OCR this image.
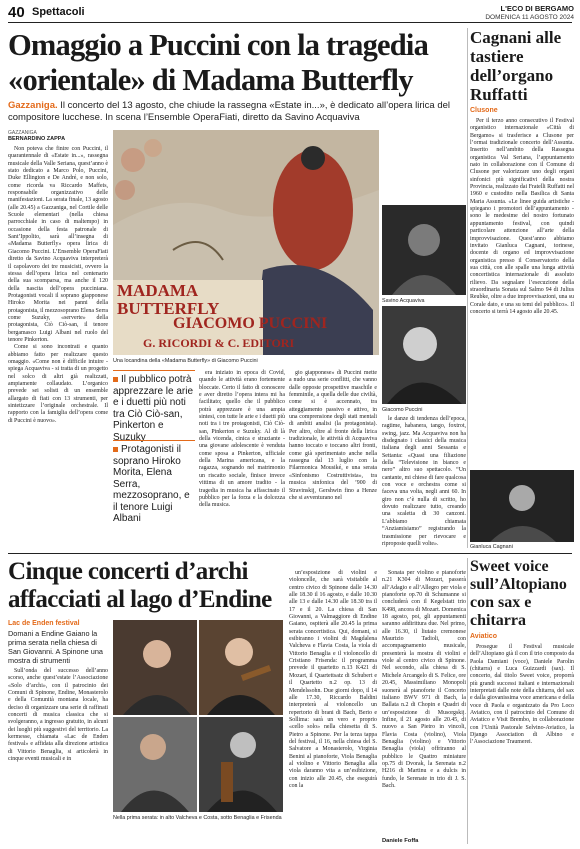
40 Spettacoli	L'ECO DI BERGAMO
DOMENICA 11 AGOSTO 2024
Omaggio a Puccini con la tragedia
«orientale» di Madama Butterfly
Gazzaniga. Il concerto del 13 agosto, che chiude la rassegna «Estate in...», è dedicato all’opera lirica del compositore lucchese. In scena l’Ensemble OperaFiati, diretto da Savino Acquaviva
Cagnani alle tastiere dell’organo Ruffatti
Clusone

Per il terzo anno consecutivo il Festival organistico internazionale «Città di Bergamo» si trasferisce a Clusone per l’ormai tradizionale concerto dell’Assunta. Inserito nell’ambito della Rassegna organistica Val Seriana, l’appuntamento nato in collaborazione con il Comune di Clusone per valorizzare uno degli organi sinfonici più significativi della nostra Provincia, realizzato dai Fratelli Ruffatti nel 1960 e custodito nella Basilica di Santa Maria Assunta. «Le linee guida artistiche - spiegano i promotori dell’appuntamento - sono le medesime del nostro fortunato appuntamento festival, con quindi particolare attenzione all’arte della improvvisazione. Quest’anno abbiamo invitato Gianluca Cagnani, torinese, docente di organo ed improvvisazione organistica presso il Conservatorio della sua città, con alle spalle una lunga attività concertistica internazionale di assoluto rilievo. Da segnalare l’esecuzione della straordinaria Sonata sul Salmo 94 di Julius Reubke, oltre a due improvvisazioni, una su Corale dato, e una su temi del pubblico». Il concerto si terrà 14 agosto alle 20.45.

GAZZANIGA
BERNARDINO ZAPPA

Non poteva che finire con Puccini, il quarantennale di «Estate in...», rassegna musicale della Valle Seriana, quest’anno è stato dedicato a Marco Polo, Puccini, Duke Ellington e De André, e non solo, come ricorda va Riccardo Maffeis, responsabile organizzativo delle manifestazioni. La serata finale, 13 agosto (alle 20.45) a Gazzaniga, nel Cortile delle Scuole elementari (nella chiesa parrocchiale in caso di maltempo) in occasione della festa patronale di Sant’Ippolito, sarà all’insegna di «Madama Butterfly» opera lirica di Giacomo Puccini. L’Ensemble OperaFiati diretto da Savino Acquaviva interpreterà il capolavoro dei tre musicisti, ovvero la stessa dell’opera lirica nel centenario della sua scomparsa, ma anche il 120 della nascita dell’opera pucciniana. Protagonisti vocali il soprano giapponese Hiroko Morita nei panni della protagonista, il mezzosoprano Elena Serra come Suzuky, «serverte» della protagonista, Ciò Ciò-san, il tenore bergamasco Luigi Albani nel ruolo del tenore Pinkerton.

Come si sono incontrati e quanto abbiamo fatto per realizzare questo omaggio. «Come non è difficile intuire - spiega Acquaviva - si tratta di un progetto nel solco di altri già realizzati, ampiamente collaudato. L’organico prevede sei solisti di un ensemble allargato di fiati con 13 strumenti, per sintetizzare l’originale orchestrale. Il rapporto con la famiglia dell’opera come di Puccini è nuovo».

MADAMA BUTTERFLY
GIACOMO PUCCINI
G. RICORDI & C. EDITORI
Una locandina della «Madama Butterfly» di Giacomo Puccini
Savino Acquaviva
Giacomo Puccini
Il pubblico potrà apprezzare le arie e i duetti più noti tra Ciò Ciò-san, Pinkerton e Suzuky
Protagonisti il soprano Hiroko Morita, Elena Serra, mezzosoprano, e il tenore Luigi Albani

era iniziato in epoca di Covid, quando le attività erano fortemente bloccate. Certo il fatto di conoscere e aver diretto l’opera intera mi ha facilitato; quello che il pubblico potrà apprezzare è una ampia sintesi, con tutte le arie e i duetti più noti tra i tre protagonisti, Ciò Ciò-san, Pinkerton e Suzuky. Al di là della vicenda, cinica e straziante - una giovane adolescente è venduta come sposa a Pinkerton, ufficiale della Marina americana, e la ragazza, sognando nel matrimonio un riscatto sociale, finisce invece vittima di un amore tradito - la tragedia in musica ha affascinato il pubblico per la forza e la dolcezza della musica.

gio giapponese» di Puccini mette a nudo una serie conflitti, che vanno dalle opposte prospettive maschile e femminile, a quella delle due civiltà, come si è accennato, tra atteggiamento passivo e attivo, in una comprensione degli stati mentali di ambiti analisi (la protagonista). Per altro, oltre al fronte della lirica tradizionale, le attività di Acquaviva hanno toccato e toccano altri fronti, come già sperimentato anche nella rassegna dal 13 luglio con la Filarmonica Mousiké, e una serata «Sinfonismo Costruttivista», tra musica sinfonica del ’900 di Stravinskij, Gershwin fino a Henze che si avventurano nel

le danze di tendenza dell’epoca, ragtime, habanera, tango, foxtrot, swing, jazz. Ma Acquaviva non ha disdegnato i classici della musica italiana degli anni Sessanta e Settanta: «Quasi una filiazione della “Televisione in bianco e nero” altro suo spettacolo. “Un cantante, mi chiese di fare qualcosa con voce e orchestra come si faceva una volta, negli anni 60. In giro non c’è nulla di scritto, ho dovuto realizzare tutto, creando una scaletta di 30 canzoni. L’abbiamo chiamata “Anziamisiamo” registrando la trasmissione per rievocare e riproposte quelli volte».

Gianluca Cagnani
Cinque concerti d’archi
affacciati al lago d’Endine
Lac de Enden festival
Domani a Endine Gaiano la prima serata nella chiesa di San Giovanni. A Spinone una mostra di strumenti

Sull’onda del successo dell’anno scorso, anche quest’estate l’Associazione «Solo d’archi», con il patrocinio dei Comuni di Spinone, Endine, Monasterolo e della Comunità montana locale, ha deciso di organizzare una serie di raffinati concerti di musica classica che si svolgeranno, a ingresso gratuito, in alcuni dei luoghi più suggestivi del territorio. La kermesse, chiamata «Lac de Enden festival» e affidata alla direzione artistica di Vittorio Benaglia, si articolerà in cinque eventi musicali e in

Nella prima serata: in alto Valcheva e Costa, sotto Benaglia e Frisenda

un’esposizione di violini e violoncelle, che sarà visitabile al centro civico di Spinone dalle 14.30 alle 18.30 il 16 agosto, e dalle 10.30 alle 13 e dalle 14.30 alle 18.30 tra il 17 e il 20. La chiesa di San Giovanni, a Valmaggiore di Endine Gaiano, ospiterà alle 20.45 la prima serata concertistica. Qui, domani, si esibiranno i violini di Magdalena Valcheva e Flavia Costa, la viola di Vittorio Benaglia e il violoncello di Cristiano Frisenda: il programma prevede il quartetto n.13 K421 di Mozart, il Quartettsatz di Schubert e il Quartetto n.2 op. 13 di Mendelssohn. Due giorni dopo, il 14 alle 17.30, Riccardo Baldini interpreterà al violoncello un repertorio di brani di Bach, Berio e Sollima: sarà un vero e proprio «cello solo» nella chiesetta di S. Pietro a Spinone. Per la terza tappa del festival, il 16, nella chiesa del S. Salvatore a Monasterolo, Virginia Benini al pianoforte, Viola Benaglia al violino e Vittorio Benaglia alla viola daranno vita a un’esibizione, con inizio alle 20.45, che eseguirà con la

Sonata per violino e pianoforte n.21 K304 di Mozart, passerà all’Adagio e all’Allegro per viola e pianoforte op.70 di Schumanne si concluderà con il Kegelstatt trio K498, ancora di Mozart. Domenica 18 agosto, poi, gli appuntamenti saranno addirittura due. Nel primo, alle 16.30, il liutaio cremonese Maurizio Tadioli, con accompagnamento musicale, presenterà la mostra di violini e viole al centro civico di Spinone. Nel secondo, alla chiesa di S. Michele Arcangelo di S. Felice, ore 20.45, Massimiliano Monopoli suonerà al pianoforte il Concerto italiano BWV 971 di Bach, la Ballata n.2 di Chopin e Quadri di un’esposizione di Musorgskij. Infine, il 21 agosto alle 20.45, di nuovo a San Pietro in vincoli, Flavia Costa (violino), Viola Benaglia (violino) e Vittorio Benaglia (viola) offriranno al pubblico le Quattro miniature op.75 di Dvorak, la Serenata n.2 H216 di Martinu e a dulcis in fundo, le Serenate in trio di J. S. Bach.

Daniele Foffa
Sweet voice sull’Altopiano con sax e chitarra
Aviatico

Prosegue il Festival musicale dell’Altopiano già il con il trio composto da Paola Damiani (voce), Daniele Parolin (chitarra) e Luca Guizzardi (sax). Il concerto, dal titolo Sweet voice, proporrà più grandi successi italiani e internazionali interpretati dalle note della chitarra, del sax e dalla giovanissima voce americana e della voce di Paola e organizzato da Pro Loco Aviatico, con il patrocinio del Comune di Aviatico e Visit Brembo, in collaborazione con l’Unità Pastorale Selvino-Aviatico, la Django Association di Albino e l’Associazione Traumerei.
